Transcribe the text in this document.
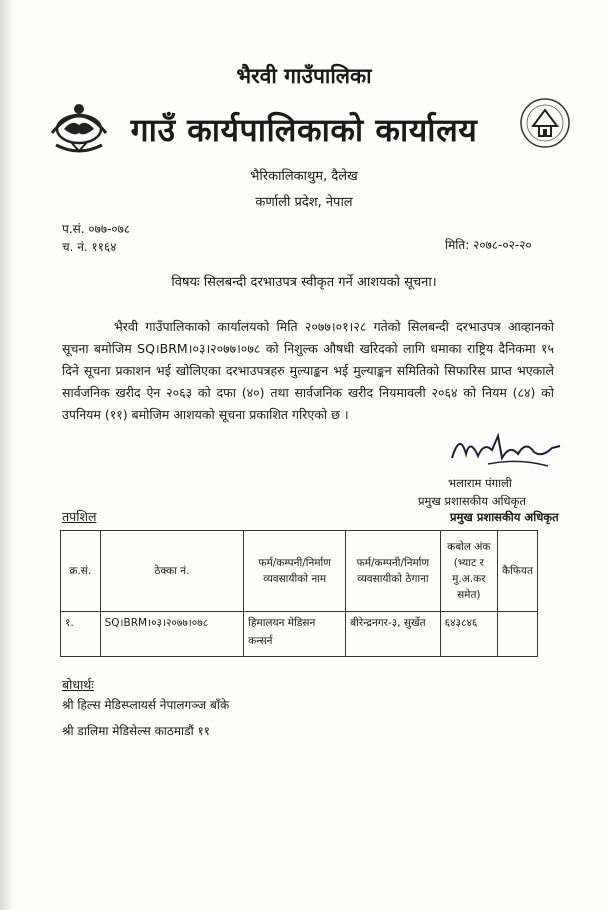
भैरवी गाउँपालिका
गाउँ कार्यपालिकाको कार्यालय
भैरिकालिकाथुम, दैलेख
कर्णाली प्रदेश, नेपाल
प.सं. ०७७-०७८
च. नं. ११६४	मिति: २०७८-०२-२०
विषयः सिलबन्दी दरभाउपत्र स्वीकृत गर्ने आशयको सूचना।
भैरवी गाउँपालिकाको कार्यालयको मिति २०७७।०१।२८ गतेको सिलबन्दी दरभाउपत्र आव्हानको सूचना बमोजिम SQ।BRM।०३।२०७७।०७८ को निशुल्क औषधी खरिदको लागि धमाका राष्ट्रिय दैनिकमा १५ दिने सूचना प्रकाशन भई खोलिएका दरभाउपत्रहरु मुल्याङ्कन भई मुल्याङ्कन समितिको सिफारिस प्राप्त भएकाले सार्वजनिक खरीद ऐन २०६३ को दफा (४०) तथा सार्वजनिक खरीद नियमावली २०६४ को नियम (८४) को उपनियम (११) बमोजिम आशयको सूचना प्रकाशित गरिएको छ ।
भलाराम पंगाली
प्रमुख प्रशासकीय अधिकृत
प्रमुख प्रशासकीय अधिकृत
तपशिल
क्र.सं.	ठेक्का नं.	फर्म/कम्पनी/निर्माण व्यवसायीको नाम	फर्म/कम्पनी/निर्माण व्यवसायीको ठेगाना	कबोल अंक (भ्याट र मु.अ.कर समेत)	कैफियत
१.	SQ।BRM।०३।२०७७।०७८	हिमालयन मेडिसन कन्सर्न	बीरेन्द्रनगर-३, सुर्खेत	६४३८४६	
बोधार्थः
श्री हिल्स मेडिस्प्लायर्स नेपालगञ्ज बाँके
श्री डालिमा मेडिसेल्स काठमाडौं ११
